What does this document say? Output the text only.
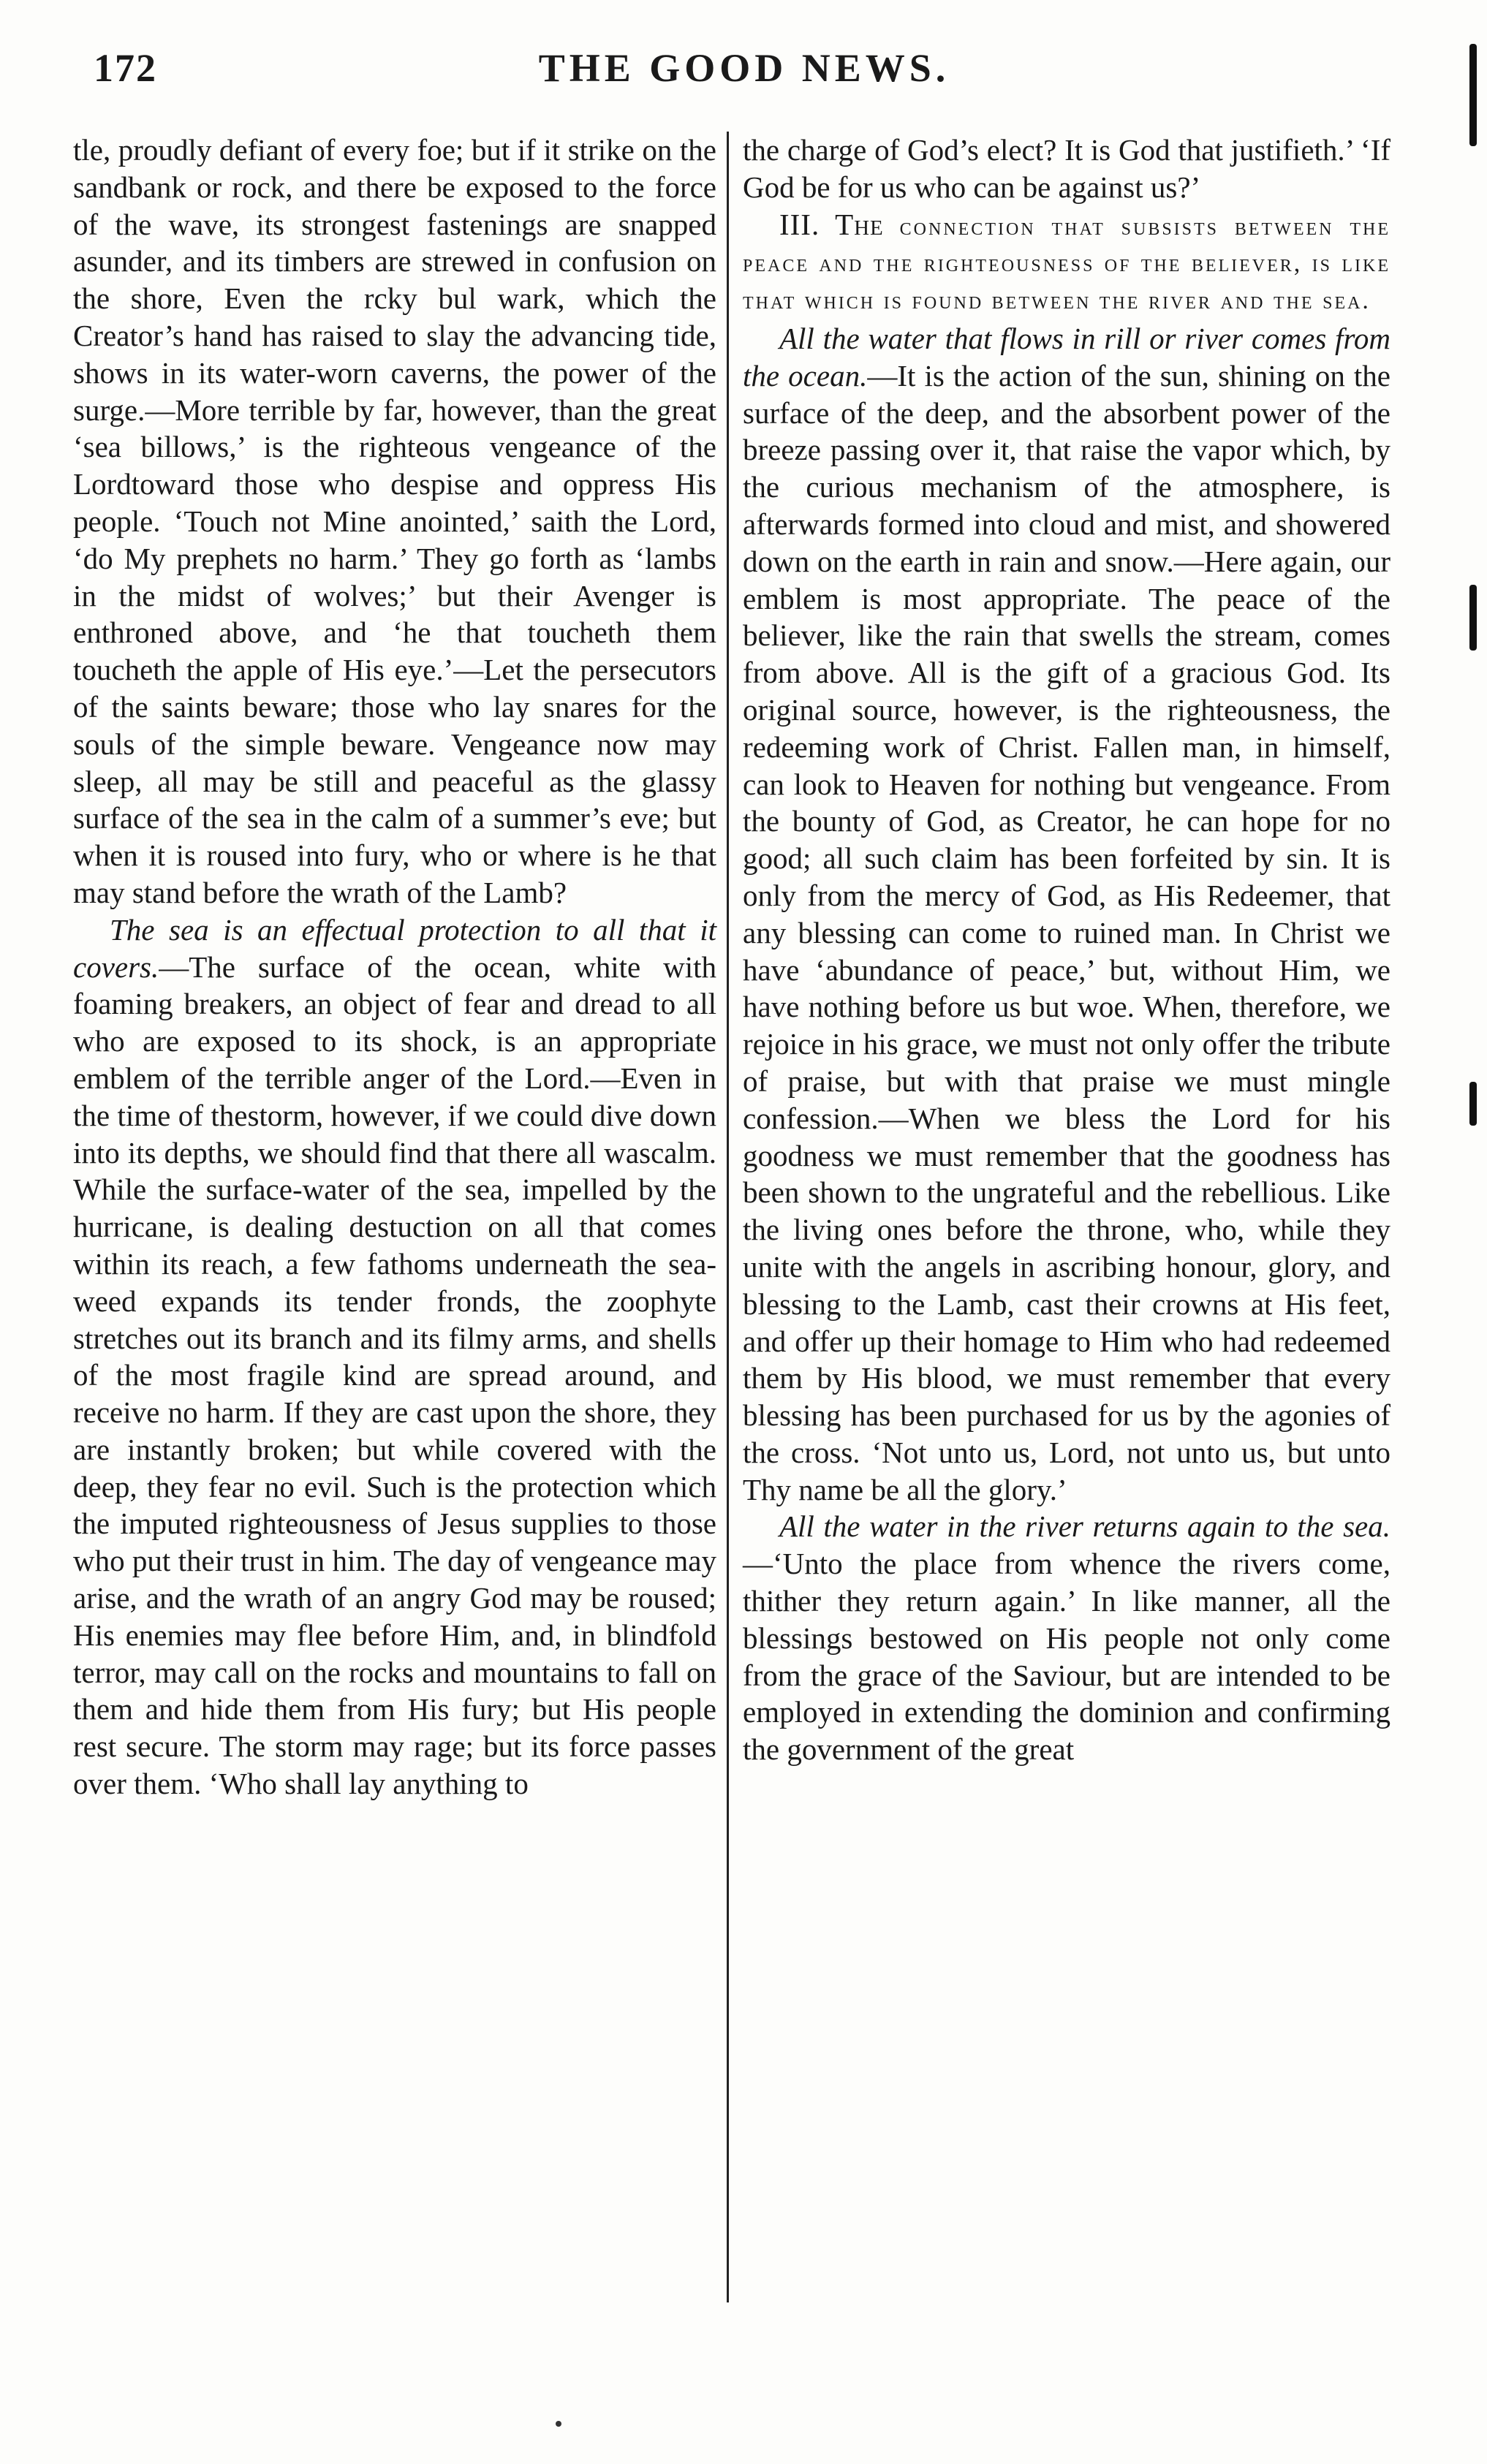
172	THE GOOD NEWS.

tle, proudly defiant of every foe; but if it strike on the sandbank or rock, and there be exposed to the force of the wave, its strongest fastenings are snapped asunder, and its timbers are strewed in confusion on the shore, Even the rcky bul wark, which the Creator’s hand has raised to slay the advancing tide, shows in its water-worn caverns, the power of the surge.—More terrible by far, however, than the great ‘sea billows,’ is the righteous vengeance of the Lordtoward those who despise and oppress His people. ‘Touch not Mine anointed,’ saith the Lord, ‘do My prephets no harm.’ They go forth as ‘lambs in the midst of wolves;’ but their Avenger is enthroned above, and ‘he that toucheth them toucheth the apple of His eye.’—Let the persecutors of the saints beware; those who lay snares for the souls of the simple beware. Vengeance now may sleep, all may be still and peaceful as the glassy surface of the sea in the calm of a summer’s eve; but when it is roused into fury, who or where is he that may stand before the wrath of the Lamb?

The sea is an effectual protection to all that it covers.—The surface of the ocean, white with foaming breakers, an object of fear and dread to all who are exposed to its shock, is an appropriate emblem of the terrible anger of the Lord.—Even in the time of thestorm, however, if we could dive down into its depths, we should find that there all wascalm. While the surface-water of the sea, impelled by the hurricane, is dealing destuction on all that comes within its reach, a few fathoms underneath the sea-weed expands its tender fronds, the zoophyte stretches out its branch and its filmy arms, and shells of the most fragile kind are spread around, and receive no harm. If they are cast upon the shore, they are instantly broken; but while covered with the deep, they fear no evil. Such is the protection which the imputed righteousness of Jesus supplies to those who put their trust in him. The day of vengeance may arise, and the wrath of an angry God may be roused; His enemies may flee before Him, and, in blindfold terror, may call on the rocks and mountains to fall on them and hide them from His fury; but His people rest secure. The storm may rage; but its force passes over them. ‘Who shall lay anything to

the charge of God’s elect? It is God that justifieth.’ ‘If God be for us who can be against us?’

III. The connection that subsists between the peace and the righteousness of the believer, is like that which is found between the river and the sea.

All the water that flows in rill or river comes from the ocean.—It is the action of the sun, shining on the surface of the deep, and the absorbent power of the breeze passing over it, that raise the vapor which, by the curious mechanism of the atmosphere, is afterwards formed into cloud and mist, and showered down on the earth in rain and snow.—Here again, our emblem is most appropriate. The peace of the believer, like the rain that swells the stream, comes from above. All is the gift of a gracious God. Its original source, however, is the righteousness, the redeeming work of Christ. Fallen man, in himself, can look to Heaven for nothing but vengeance. From the bounty of God, as Creator, he can hope for no good; all such claim has been forfeited by sin. It is only from the mercy of God, as His Redeemer, that any blessing can come to ruined man. In Christ we have ‘abundance of peace,’ but, without Him, we have nothing before us but woe. When, therefore, we rejoice in his grace, we must not only offer the tribute of praise, but with that praise we must mingle confession.—When we bless the Lord for his goodness we must remember that the goodness has been shown to the ungrateful and the rebellious. Like the living ones before the throne, who, while they unite with the angels in ascribing honour, glory, and blessing to the Lamb, cast their crowns at His feet, and offer up their homage to Him who had redeemed them by His blood, we must remember that every blessing has been purchased for us by the agonies of the cross. ‘Not unto us, Lord, not unto us, but unto Thy name be all the glory.’

All the water in the river returns again to the sea.—‘Unto the place from whence the rivers come, thither they return again.’ In like manner, all the blessings bestowed on His people not only come from the grace of the Saviour, but are intended to be employed in extending the dominion and confirming the government of the great
